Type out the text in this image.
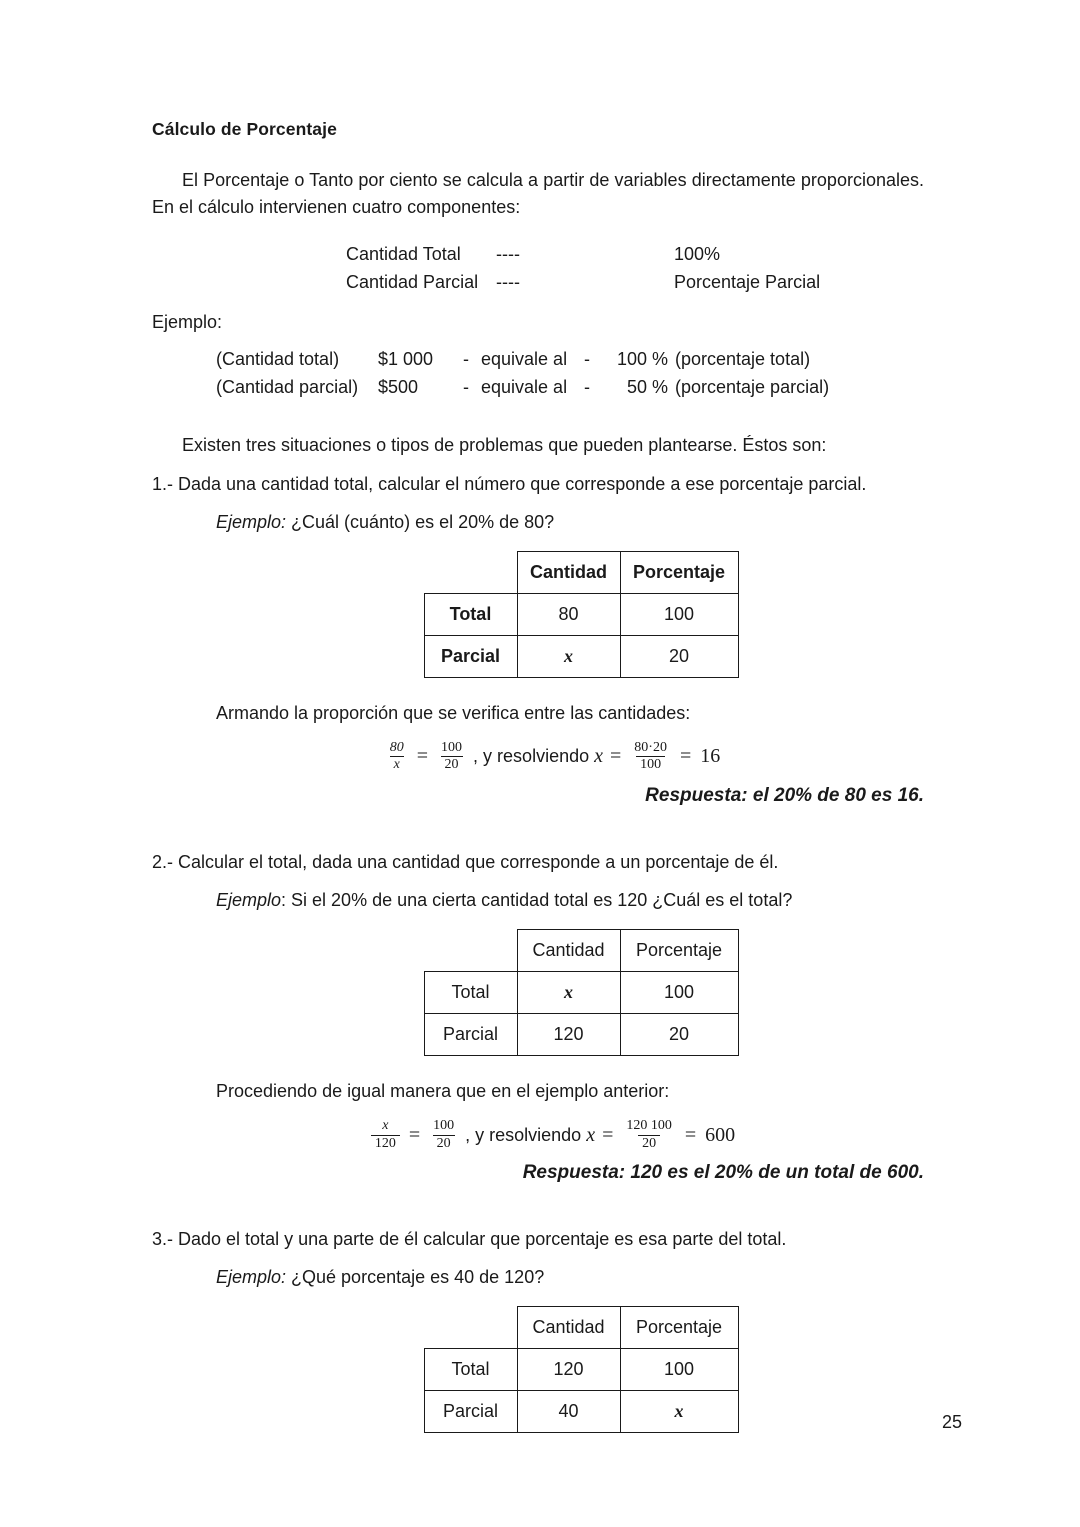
Cálculo de Porcentaje

El Porcentaje o Tanto por ciento se calcula a partir de variables directamente proporcionales. En el cálculo intervienen cuatro componentes:

Cantidad Total	----	100%
Cantidad Parcial ----	Porcentaje Parcial

Ejemplo:

(Cantidad total)	$1 000	- equivale al -	100 % (porcentaje total)
(Cantidad parcial)	$500	- equivale al -	50 % (porcentaje parcial)

Existen tres situaciones o tipos de problemas que pueden plantearse. Éstos son:

1.- Dada una cantidad total, calcular el número que corresponde a ese porcentaje parcial.

Ejemplo: ¿Cuál (cuánto) es el 20% de 80?

	Cantidad	Porcentaje
Total	80	100
Parcial	x	20

Armando la proporción que se verifica entre las cantidades:

$\frac{80}{x} = \frac{100}{20}$ , y resolviendo $x = \frac{80\cdot 20}{100} = 16$

Respuesta: el 20% de 80 es 16.

2.- Calcular el total, dada una cantidad que corresponde a un porcentaje de él.

Ejemplo: Si el 20% de una cierta cantidad total es 120 ¿Cuál es el total?

	Cantidad	Porcentaje
Total	x	100
Parcial	120	20

Procediendo de igual manera que en el ejemplo anterior:

$\frac{x}{120} = \frac{100}{20}$ , y resolviendo $x = \frac{120 100}{20} = 600$

Respuesta: 120 es el 20% de un total de 600.

3.- Dado el total y una parte de él calcular que porcentaje es esa parte del total.

Ejemplo: ¿Qué porcentaje es 40 de 120?

	Cantidad	Porcentaje
Total	120	100
Parcial	40	x
25
